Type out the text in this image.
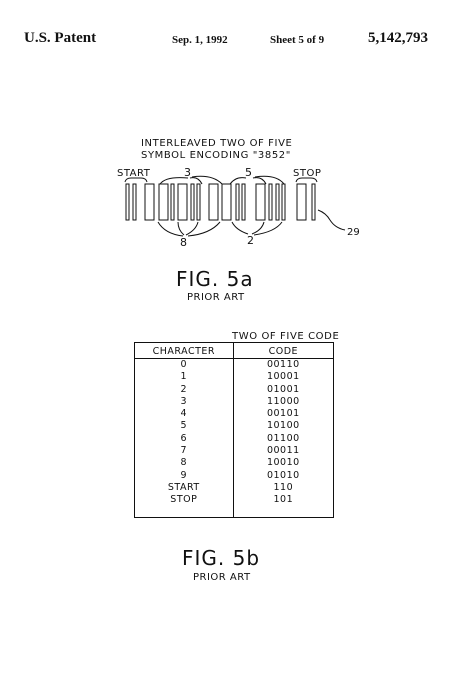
U.S. Patent	Sep. 1, 1992	Sheet 5 of 9	5,142,793
INTERLEAVED TWO OF FIVE
SYMBOL ENCODING "3852"
START	STOP
3	5
8	2
29
FIG. 5a
PRIOR ART
TWO OF FIVE CODE
CHARACTER	CODE
0	00110
1	10001
2	01001
3	11000
4	00101
5	10100
6	01100
7	00011
8	10010
9	01010
START	110
STOP	101
FIG. 5b
PRIOR ART
